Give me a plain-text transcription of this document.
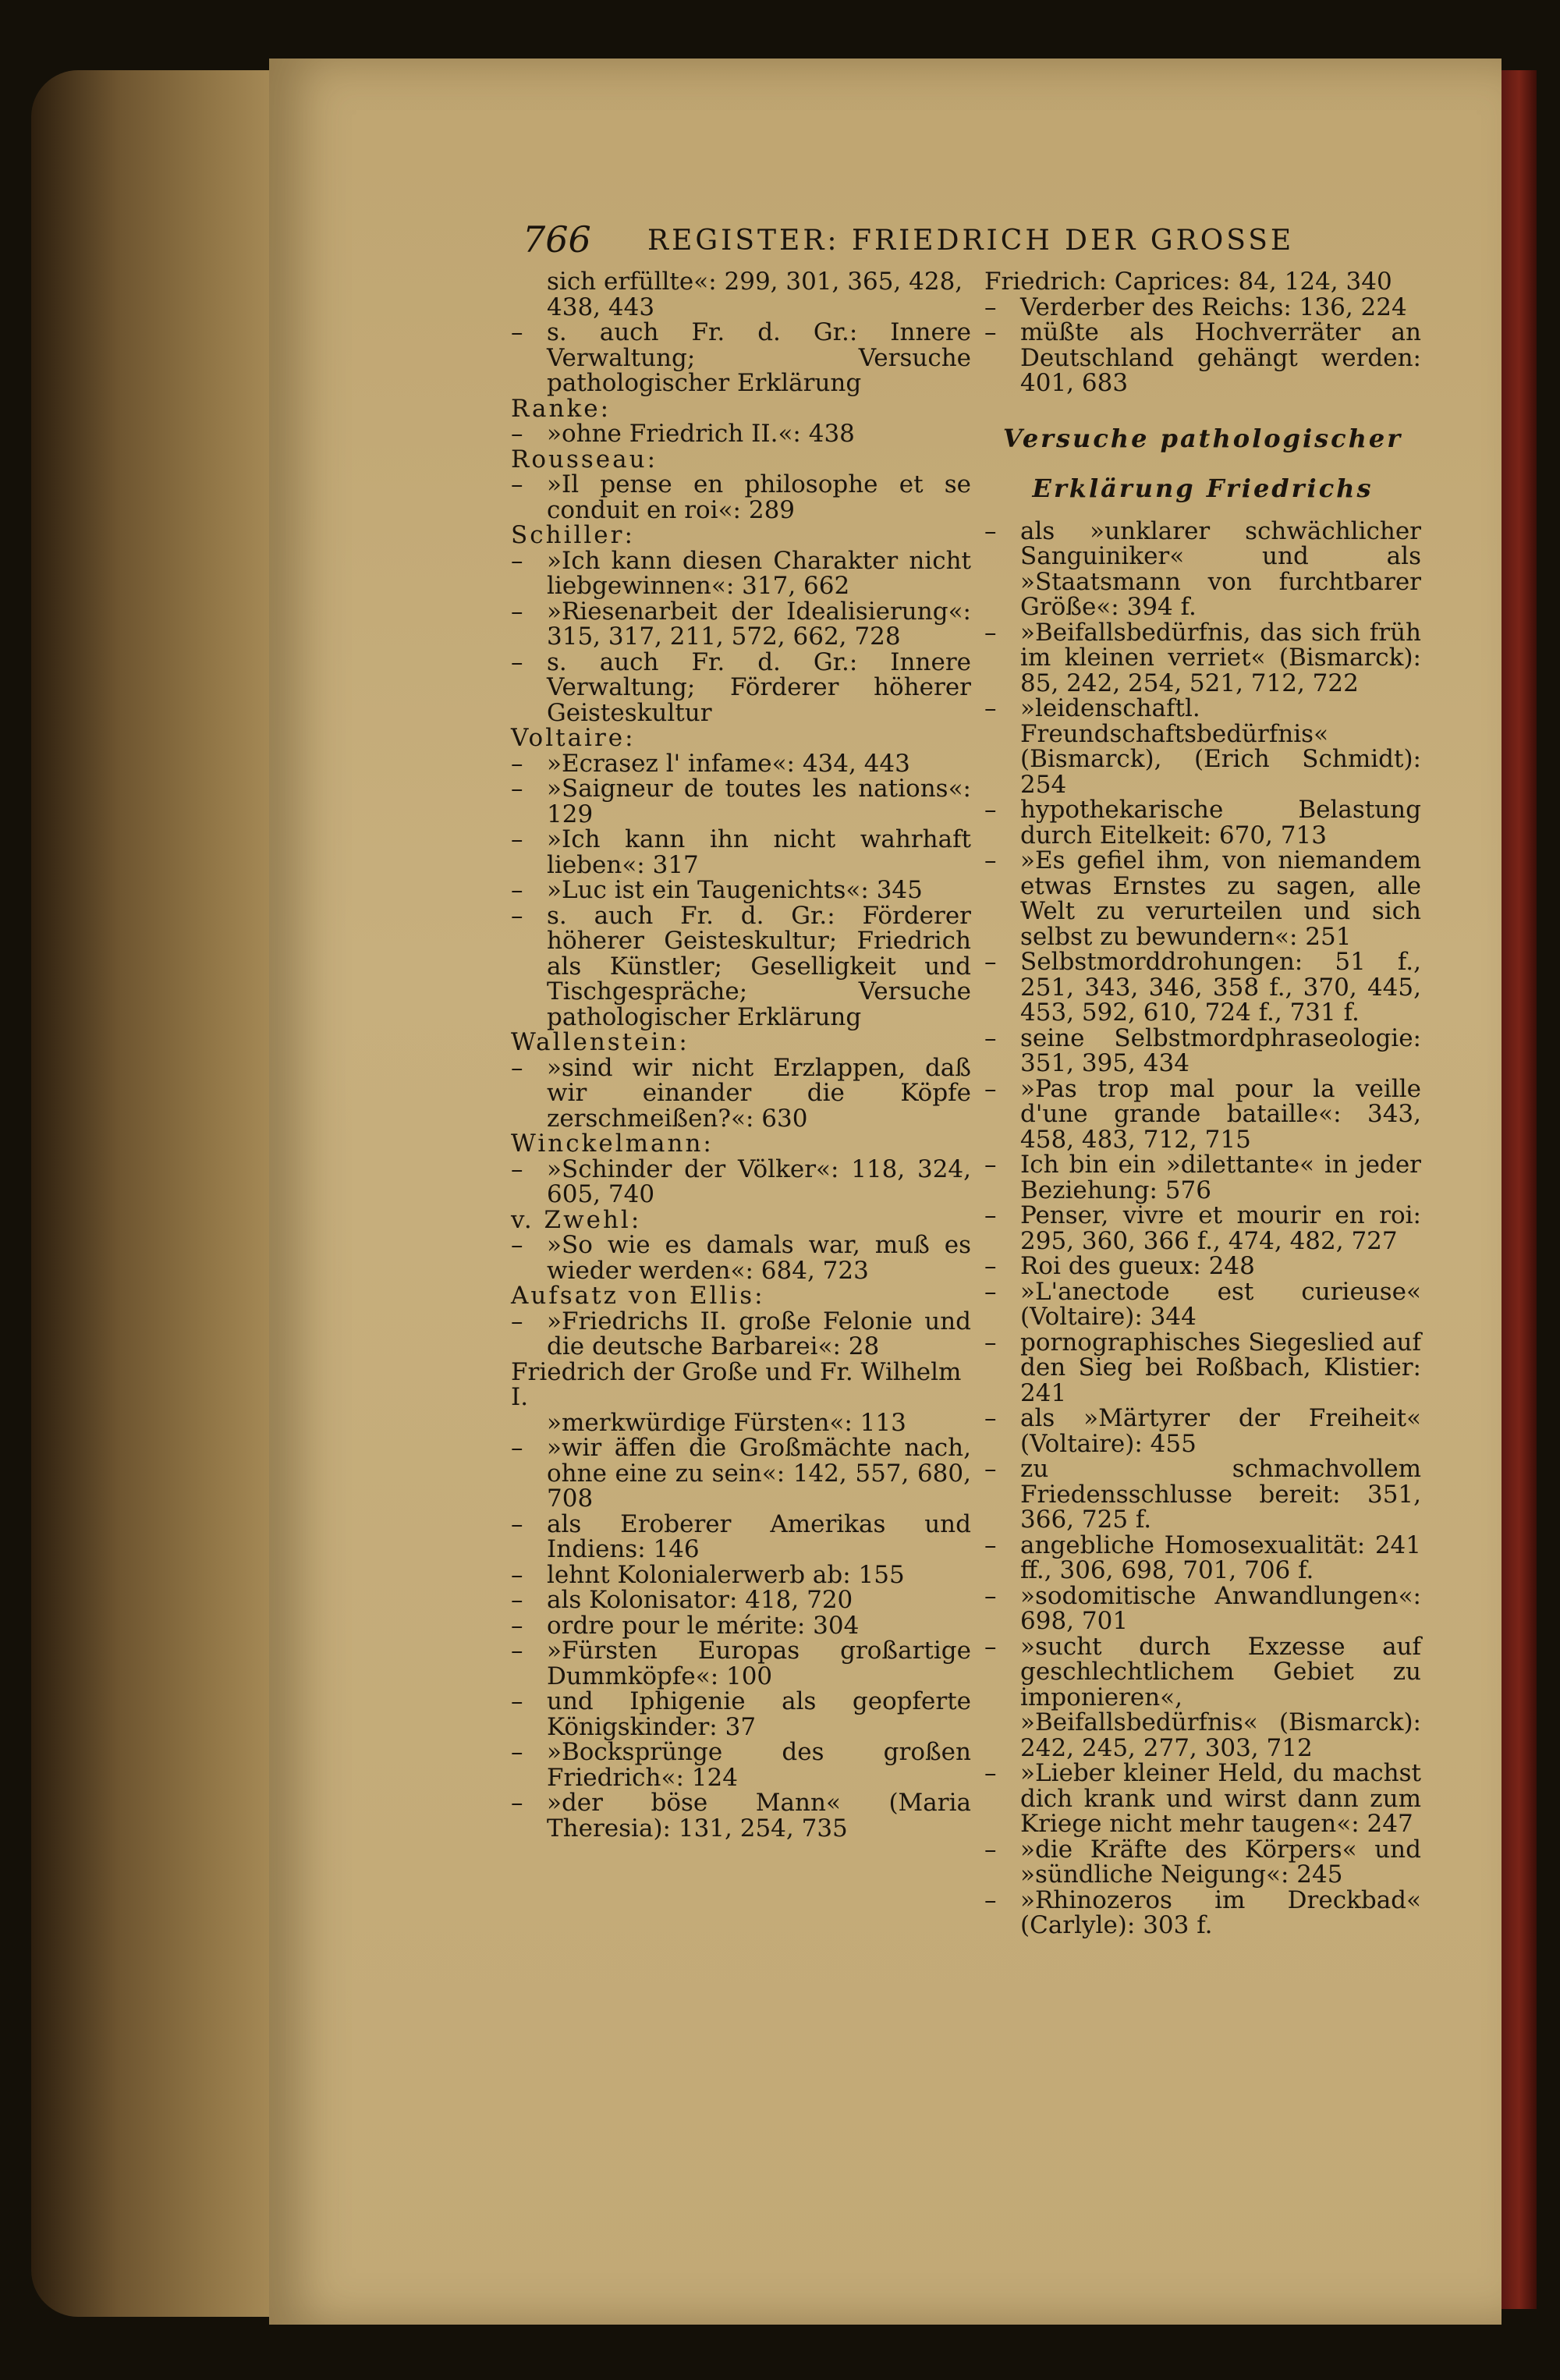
766 REGISTER: FRIEDRICH DER GROSSE
sich erfüllte«: 299, 301, 365, 428, 438, 443
– s. auch Fr. d. Gr.: Innere Verwaltung; Versuche pathologischer Erklärung
Ranke:
– »ohne Friedrich II.«: 438
Rousseau:
– »Il pense en philosophe et se conduit en roi«: 289
Schiller:
– »Ich kann diesen Charakter nicht liebgewinnen«: 317, 662
– »Riesenarbeit der Idealisierung«: 315, 317, 211, 572, 662, 728
– s. auch Fr. d. Gr.: Innere Verwaltung; Förderer höherer Geisteskultur
Voltaire:
– »Ecrasez l' infame«: 434, 443
– »Saigneur de toutes les nations«: 129
– »Ich kann ihn nicht wahrhaft lieben«: 317
– »Luc ist ein Taugenichts«: 345
– s. auch Fr. d. Gr.: Förderer höherer Geisteskultur; Friedrich als Künstler; Geselligkeit und Tischgespräche; Versuche pathologischer Erklärung
Wallenstein:
– »sind wir nicht Erzlappen, daß wir einander die Köpfe zerschmeißen?«: 630
Winckelmann:
– »Schinder der Völker«: 118, 324, 605, 740
v. Zwehl:
– »So wie es damals war, muß es wieder werden«: 684, 723
Aufsatz von Ellis:
– »Friedrichs II. große Felonie und die deutsche Barbarei«: 28
Friedrich der Große und Fr. Wilhelm I.
»merkwürdige Fürsten«: 113
– »wir äffen die Großmächte nach, ohne eine zu sein«: 142, 557, 680, 708
– als Eroberer Amerikas und Indiens: 146
– lehnt Kolonialerwerb ab: 155
– als Kolonisator: 418, 720
– ordre pour le mérite: 304
– »Fürsten Europas großartige Dummköpfe«: 100
– und Iphigenie als geopferte Königskinder: 37
– »Bocksprünge des großen Friedrich«: 124
– »der böse Mann« (Maria Theresia): 131, 254, 735
Friedrich: Caprices: 84, 124, 340
– Verderber des Reichs: 136, 224
– müßte als Hochverräter an Deutschland gehängt werden: 401, 683
Versuche pathologischer
Erklärung Friedrichs
– als »unklarer schwächlicher Sanguiniker« und als »Staatsmann von furchtbarer Größe«: 394 f.
– »Beifallsbedürfnis, das sich früh im kleinen verriet« (Bismarck): 85, 242, 254, 521, 712, 722
– »leidenschaftl. Freundschaftsbedürfnis« (Bismarck), (Erich Schmidt): 254
– hypothekarische Belastung durch Eitelkeit: 670, 713
– »Es gefiel ihm, von niemandem etwas Ernstes zu sagen, alle Welt zu verurteilen und sich selbst zu bewundern«: 251
– Selbstmorddrohungen: 51 f., 251, 343, 346, 358 f., 370, 445, 453, 592, 610, 724 f., 731 f.
– seine Selbstmordphraseologie: 351, 395, 434
– »Pas trop mal pour la veille d'une grande bataille«: 343, 458, 483, 712, 715
– Ich bin ein »dilettante« in jeder Beziehung: 576
– Penser, vivre et mourir en roi: 295, 360, 366 f., 474, 482, 727
– Roi des gueux: 248
– »L'anectode est curieuse« (Voltaire): 344
– pornographisches Siegeslied auf den Sieg bei Roßbach, Klistier: 241
– als »Märtyrer der Freiheit« (Voltaire): 455
– zu schmachvollem Friedensschlusse bereit: 351, 366, 725 f.
– angebliche Homosexualität: 241 ff., 306, 698, 701, 706 f.
– »sodomitische Anwandlungen«: 698, 701
– »sucht durch Exzesse auf geschlechtlichem Gebiet zu imponieren«, »Beifallsbedürfnis« (Bismarck): 242, 245, 277, 303, 712
– »Lieber kleiner Held, du machst dich krank und wirst dann zum Kriege nicht mehr taugen«: 247
– »die Kräfte des Körpers« und »sündliche Neigung«: 245
– »Rhinozeros im Dreckbad« (Carlyle): 303 f.
